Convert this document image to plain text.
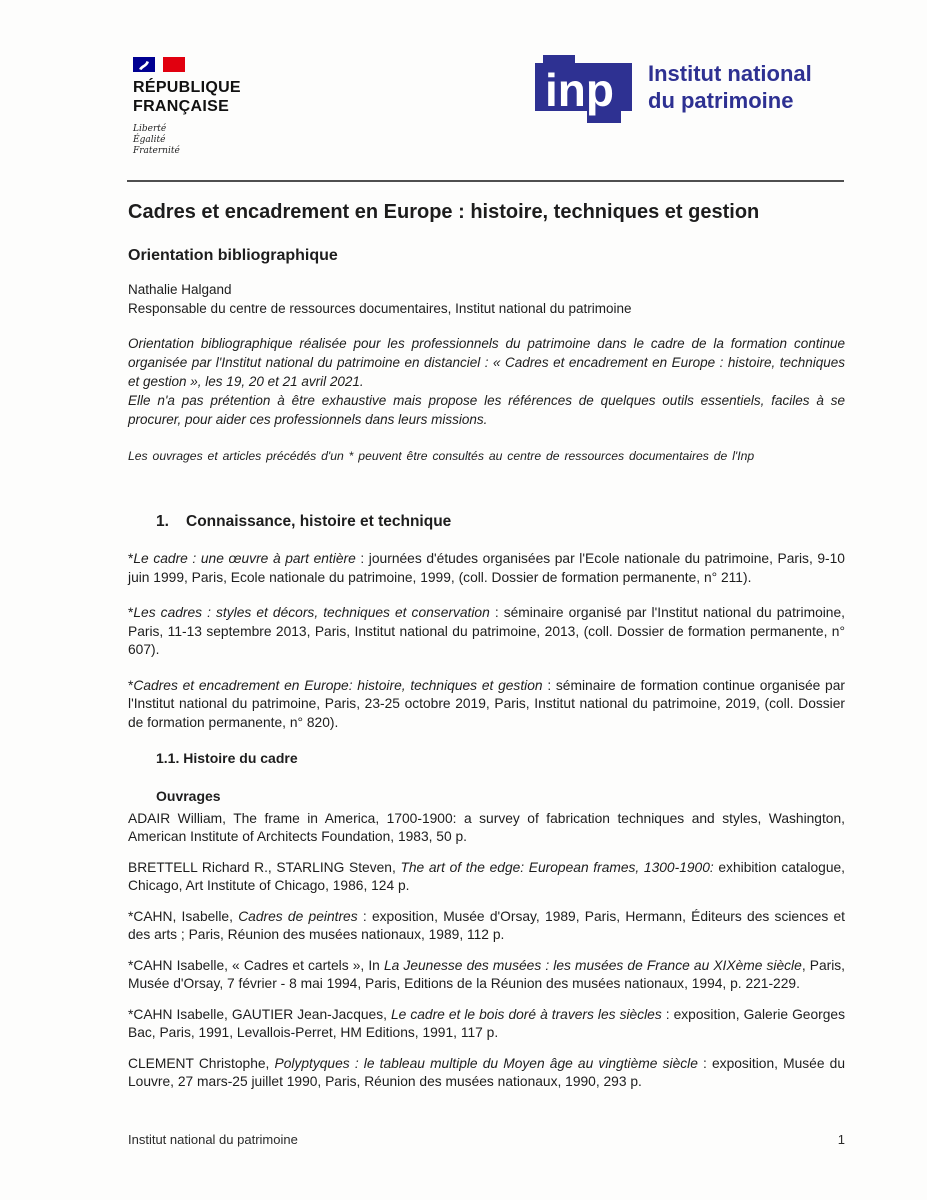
RÉPUBLIQUE
FRANÇAISE
Liberté
Égalité
Fraternité
inp Institut national
du patrimoine
Cadres et encadrement en Europe : histoire, techniques et gestion
Orientation bibliographique
Nathalie Halgand
Responsable du centre de ressources documentaires, Institut national du patrimoine

Orientation bibliographique réalisée pour les professionnels du patrimoine dans le cadre de la formation continue organisée par l'Institut national du patrimoine en distanciel : « Cadres et encadrement en Europe : histoire, techniques et gestion », les 19, 20 et 21 avril 2021.

Elle n'a pas prétention à être exhaustive mais propose les références de quelques outils essentiels, faciles à se procurer, pour aider ces professionnels dans leurs missions.

Les ouvrages et articles précédés d'un * peuvent être consultés au centre de ressources documentaires de l'Inp

1. Connaissance, histoire et technique

*Le cadre : une œuvre à part entière : journées d'études organisées par l'Ecole nationale du patrimoine, Paris, 9-10 juin 1999, Paris, Ecole nationale du patrimoine, 1999, (coll. Dossier de formation permanente, n° 211).

*Les cadres : styles et décors, techniques et conservation : séminaire organisé par l'Institut national du patrimoine, Paris, 11-13 septembre 2013, Paris, Institut national du patrimoine, 2013, (coll. Dossier de formation permanente, n° 607).

*Cadres et encadrement en Europe: histoire, techniques et gestion : séminaire de formation continue organisée par l'Institut national du patrimoine, Paris, 23-25 octobre 2019, Paris, Institut national du patrimoine, 2019, (coll. Dossier de formation permanente, n° 820).

1.1. Histoire du cadre
Ouvrages

ADAIR William, The frame in America, 1700-1900: a survey of fabrication techniques and styles, Washington, American Institute of Architects Foundation, 1983, 50 p.

BRETTELL Richard R., STARLING Steven, The art of the edge: European frames, 1300-1900: exhibition catalogue, Chicago, Art Institute of Chicago, 1986, 124 p.

*CAHN, Isabelle, Cadres de peintres : exposition, Musée d'Orsay, 1989, Paris, Hermann, Éditeurs des sciences et des arts ; Paris, Réunion des musées nationaux, 1989, 112 p.

*CAHN Isabelle, « Cadres et cartels », In La Jeunesse des musées : les musées de France au XIXème siècle, Paris, Musée d'Orsay, 7 février - 8 mai 1994, Paris, Editions de la Réunion des musées nationaux, 1994, p. 221-229.

*CAHN Isabelle, GAUTIER Jean-Jacques, Le cadre et le bois doré à travers les siècles : exposition, Galerie Georges Bac, Paris, 1991, Levallois-Perret, HM Editions, 1991, 117 p.

CLEMENT Christophe, Polyptyques : le tableau multiple du Moyen âge au vingtième siècle : exposition, Musée du Louvre, 27 mars-25 juillet 1990, Paris, Réunion des musées nationaux, 1990, 293 p.

Institut national du patrimoine	1
